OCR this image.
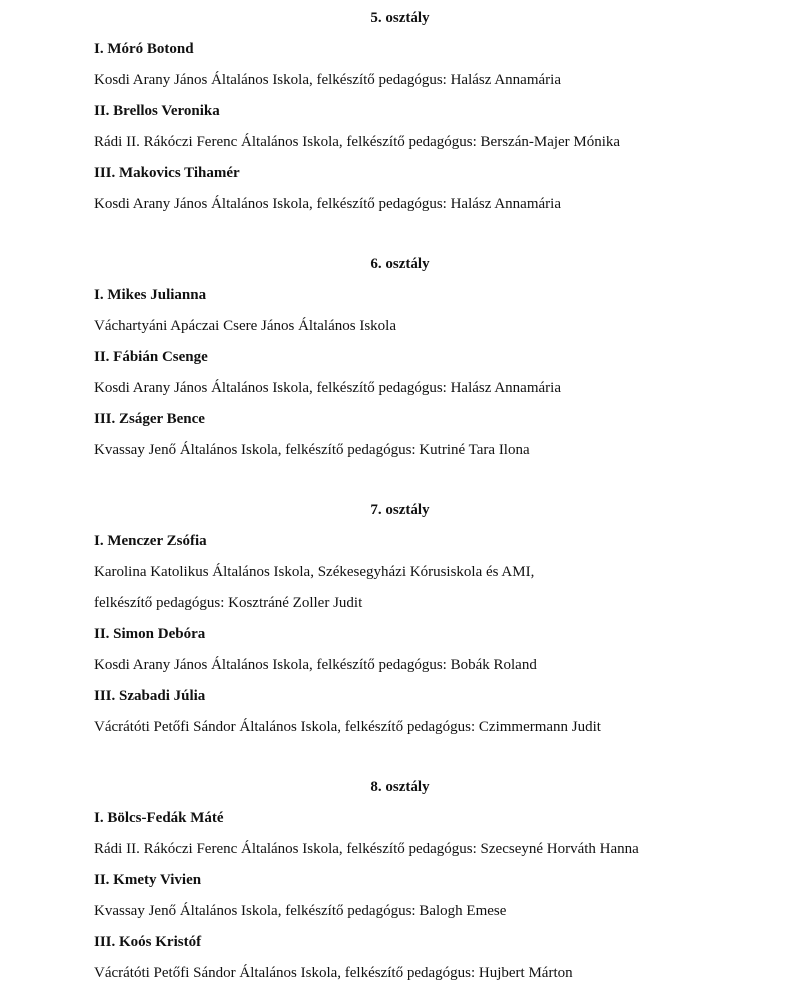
5. osztály
I. Móró Botond
Kosdi Arany János Általános Iskola, felkészítő pedagógus: Halász Annamária
II. Brellos Veronika
Rádi II. Rákóczi Ferenc Általános Iskola, felkészítő pedagógus: Berszán-Majer Mónika
III. Makovics Tihamér
Kosdi Arany János Általános Iskola, felkészítő pedagógus: Halász Annamária
6. osztály
I. Mikes Julianna
Váchartyáni Apáczai Csere János Általános Iskola
II. Fábián Csenge
Kosdi Arany János Általános Iskola, felkészítő pedagógus: Halász Annamária
III. Zságer Bence
Kvassay Jenő Általános Iskola, felkészítő pedagógus: Kutriné Tara Ilona
7. osztály
I. Menczer Zsófia
Karolina Katolikus Általános Iskola, Székesegyházi Kórusiskola és AMI,
felkészítő pedagógus: Kosztráné Zoller Judit
II. Simon Debóra
Kosdi Arany János Általános Iskola, felkészítő pedagógus: Bobák Roland
III. Szabadi Júlia
Vácrátóti Petőfi Sándor Általános Iskola, felkészítő pedagógus: Czimmermann Judit
8. osztály
I. Bölcs-Fedák Máté
Rádi II. Rákóczi Ferenc Általános Iskola, felkészítő pedagógus: Szecseyné Horváth Hanna
II. Kmety Vivien
Kvassay Jenő Általános Iskola, felkészítő pedagógus: Balogh Emese
III. Koós Kristóf
Vácrátóti Petőfi Sándor Általános Iskola, felkészítő pedagógus: Hujbert Márton
